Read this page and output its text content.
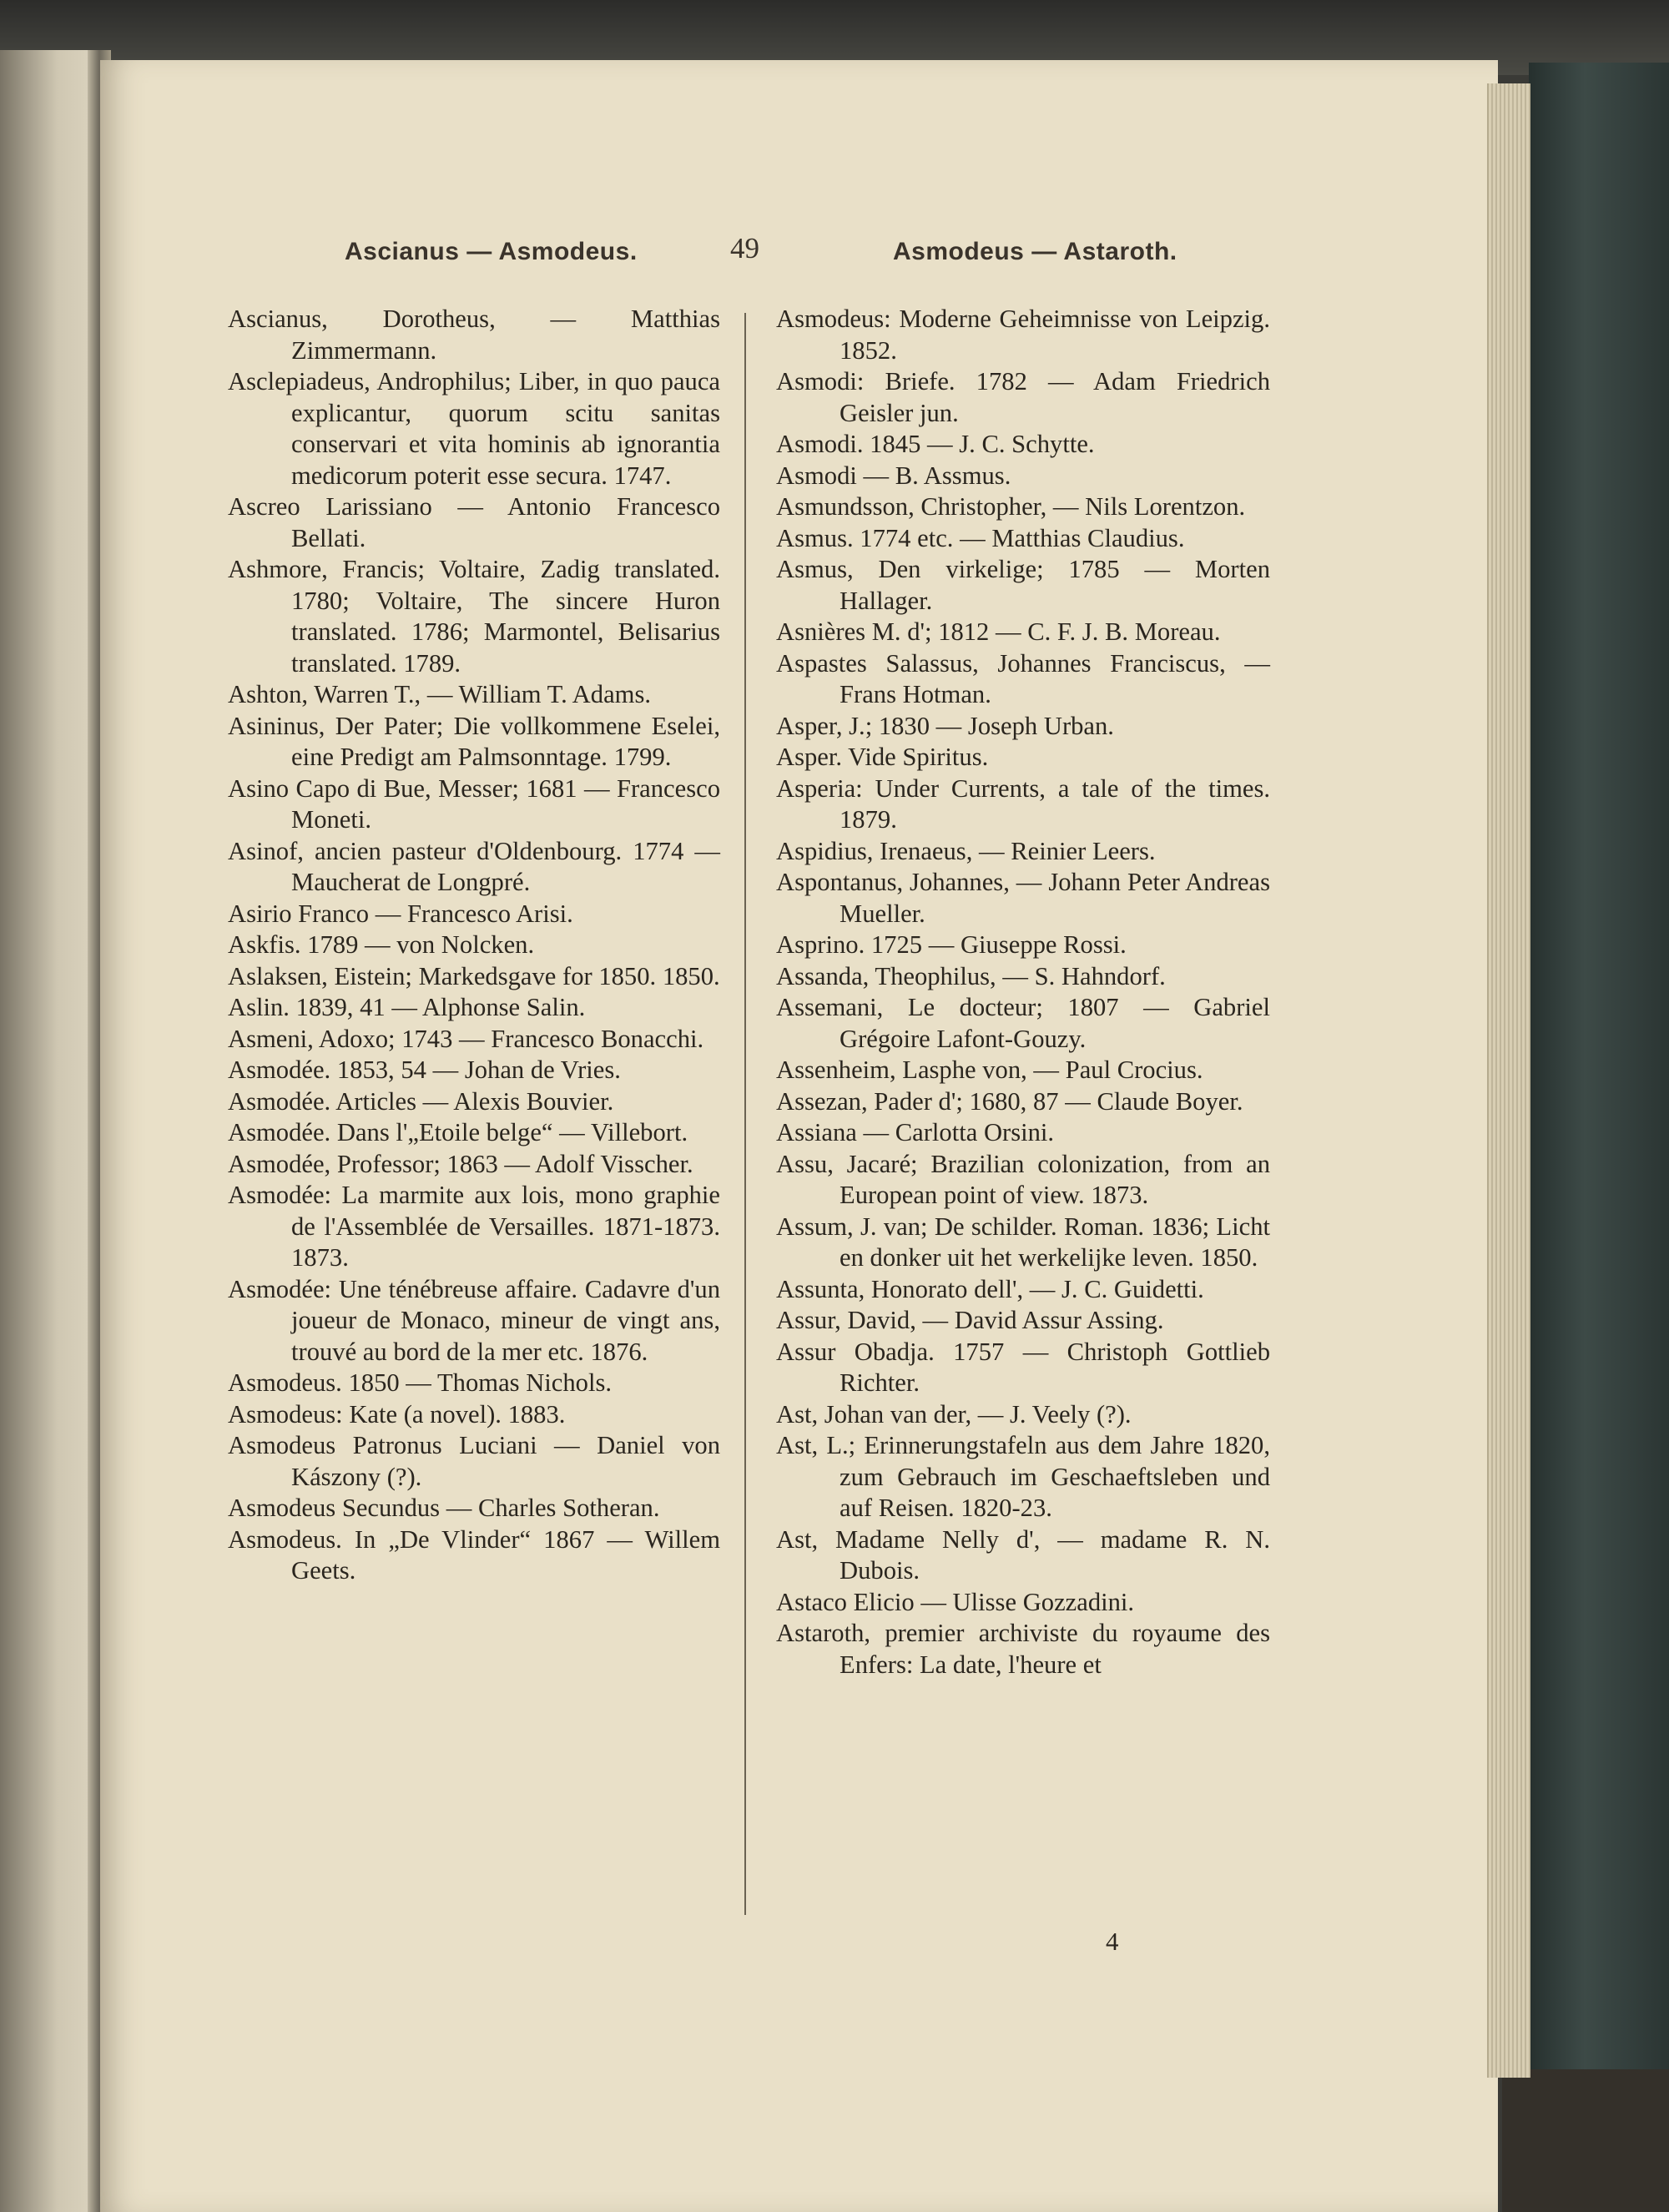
Ascianus — Asmodeus.	49	Asmodeus — Astaroth.
Ascianus, Dorotheus, — Matthias Zimmermann.
Asclepiadeus, Androphilus; Liber, in quo pauca explicantur, quorum scitu sanitas conservari et vita hominis ab ignorantia medicorum poterit esse secura. 1747.
Ascreo Larissiano — Antonio Francesco Bellati.
Ashmore, Francis; Voltaire, Zadig translated. 1780; Voltaire, The sincere Huron translated. 1786; Marmontel, Belisarius translated. 1789.
Ashton, Warren T., — William T. Adams.
Asininus, Der Pater; Die vollkommene Eselei, eine Predigt am Palmsonntage. 1799.
Asino Capo di Bue, Messer; 1681 — Francesco Moneti.
Asinof, ancien pasteur d'Oldenbourg. 1774 — Maucherat de Longpré.
Asirio Franco — Francesco Arisi.
Askfis. 1789 — von Nolcken.
Aslaksen, Eistein; Markedsgave for 1850. 1850.
Aslin. 1839, 41 — Alphonse Salin.
Asmeni, Adoxo; 1743 — Francesco Bonacchi.
Asmodée. 1853, 54 — Johan de Vries.
Asmodée. Articles — Alexis Bouvier.
Asmodée. Dans l'„Etoile belge“ — Villebort.
Asmodée, Professor; 1863 — Adolf Visscher.
Asmodée: La marmite aux lois, mono graphie de l'Assemblée de Versailles. 1871-1873. 1873.
Asmodée: Une ténébreuse affaire. Cadavre d'un joueur de Monaco, mineur de vingt ans, trouvé au bord de la mer etc. 1876.
Asmodeus. 1850 — Thomas Nichols.
Asmodeus: Kate (a novel). 1883.
Asmodeus Patronus Luciani — Daniel von Kászony (?).
Asmodeus Secundus — Charles Sotheran.
Asmodeus. In „De Vlinder“ 1867 — Willem Geets.
Asmodeus: Moderne Geheimnisse von Leipzig. 1852.
Asmodi: Briefe. 1782 — Adam Friedrich Geisler jun.
Asmodi. 1845 — J. C. Schytte.
Asmodi — B. Assmus.
Asmundsson, Christopher, — Nils Lorentzon.
Asmus. 1774 etc. — Matthias Claudius.
Asmus, Den virkelige; 1785 — Morten Hallager.
Asnières M. d'; 1812 — C. F. J. B. Moreau.
Aspastes Salassus, Johannes Franciscus, — Frans Hotman.
Asper, J.; 1830 — Joseph Urban.
Asper. Vide Spiritus.
Asperia: Under Currents, a tale of the times. 1879.
Aspidius, Irenaeus, — Reinier Leers.
Aspontanus, Johannes, — Johann Peter Andreas Mueller.
Asprino. 1725 — Giuseppe Rossi.
Assanda, Theophilus, — S. Hahndorf.
Assemani, Le docteur; 1807 — Gabriel Grégoire Lafont-Gouzy.
Assenheim, Lasphe von, — Paul Crocius.
Assezan, Pader d'; 1680, 87 — Claude Boyer.
Assiana — Carlotta Orsini.
Assu, Jacaré; Brazilian colonization, from an European point of view. 1873.
Assum, J. van; De schilder. Roman. 1836; Licht en donker uit het werkelijke leven. 1850.
Assunta, Honorato dell', — J. C. Guidetti.
Assur, David, — David Assur Assing.
Assur Obadja. 1757 — Christoph Gottlieb Richter.
Ast, Johan van der, — J. Veely (?).
Ast, L.; Erinnerungstafeln aus dem Jahre 1820, zum Gebrauch im Geschaeftsleben und auf Reisen. 1820-23.
Ast, Madame Nelly d', — madame R. N. Dubois.
Astaco Elicio — Ulisse Gozzadini.
Astaroth, premier archiviste du royaume des Enfers: La date, l'heure et
4
